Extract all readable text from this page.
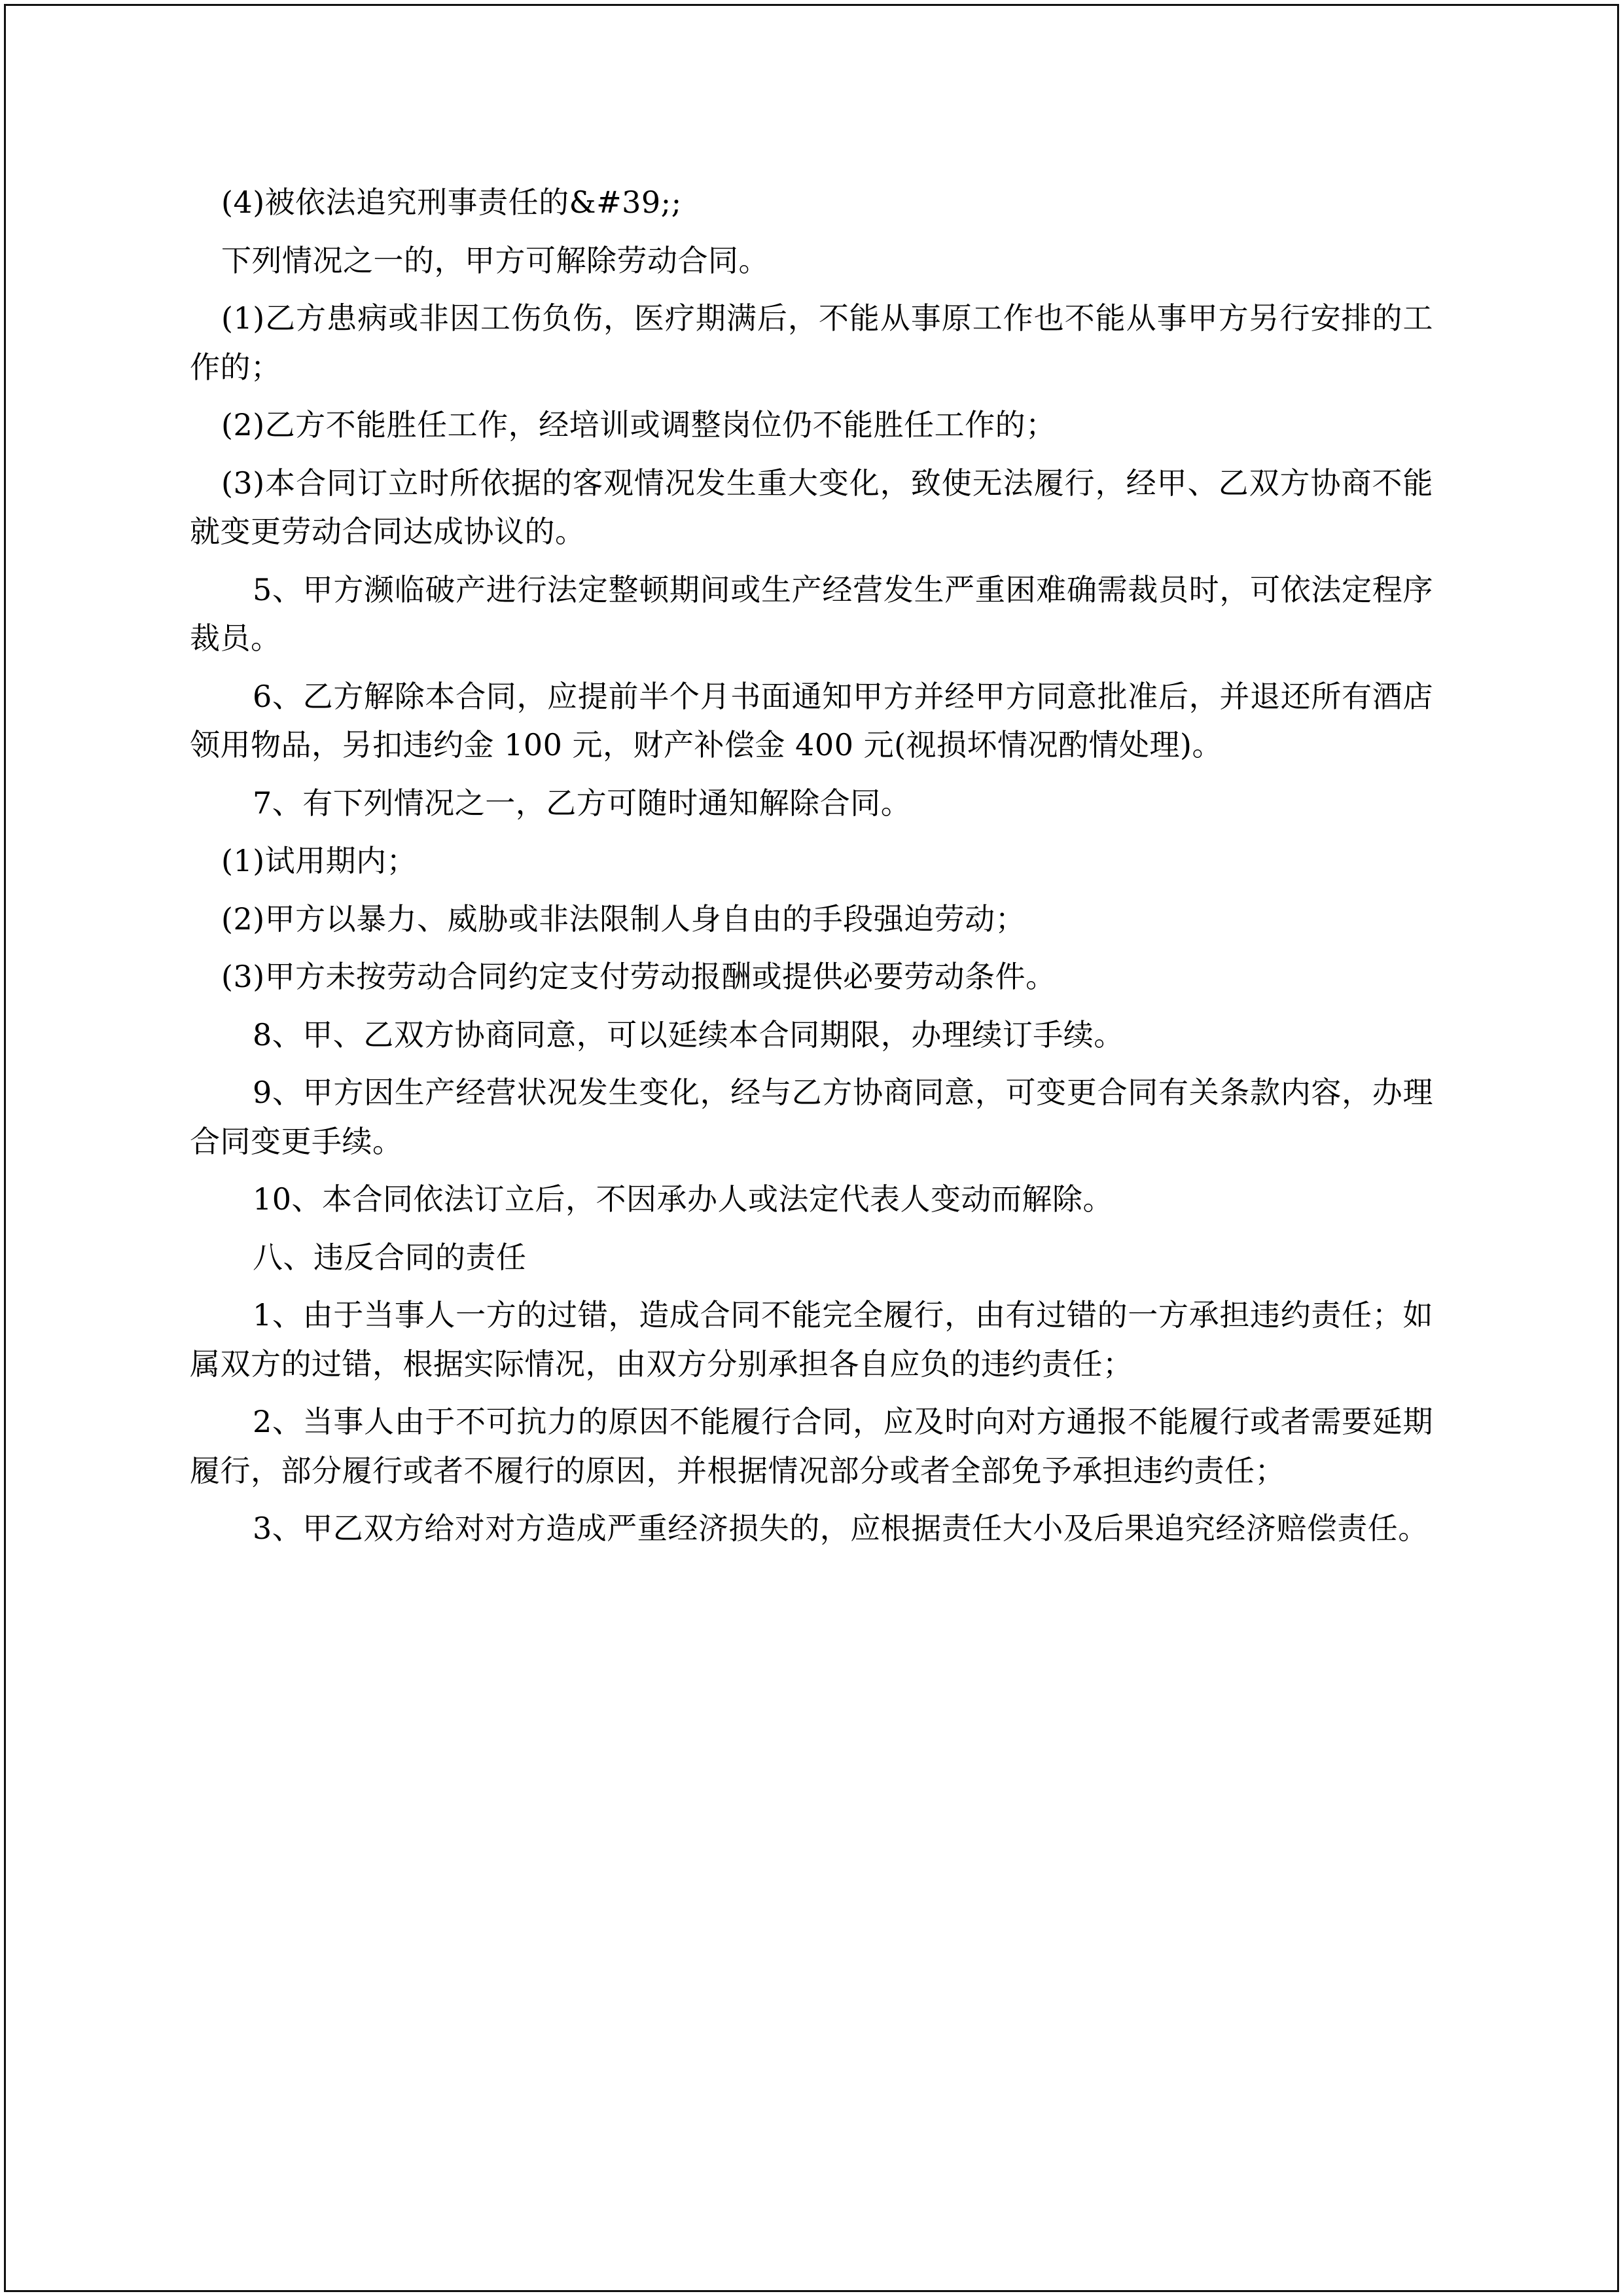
(4)被依法追究刑事责任的&#39;;

下列情况之一的，甲方可解除劳动合同。

(1)乙方患病或非因工伤负伤，医疗期满后，不能从事原工作也不能从事甲方另行安排的工作的；

(2)乙方不能胜任工作，经培训或调整岗位仍不能胜任工作的；

(3)本合同订立时所依据的客观情况发生重大变化，致使无法履行，经甲、乙双方协商不能就变更劳动合同达成协议的。

5、甲方濒临破产进行法定整顿期间或生产经营发生严重困难确需裁员时，可依法定程序裁员。

6、乙方解除本合同，应提前半个月书面通知甲方并经甲方同意批准后，并退还所有酒店领用物品，另扣违约金 100 元，财产补偿金 400 元(视损坏情况酌情处理)。

7、有下列情况之一，乙方可随时通知解除合同。

(1)试用期内；

(2)甲方以暴力、威胁或非法限制人身自由的手段强迫劳动；

(3)甲方未按劳动合同约定支付劳动报酬或提供必要劳动条件。

8、甲、乙双方协商同意，可以延续本合同期限，办理续订手续。

9、甲方因生产经营状况发生变化，经与乙方协商同意，可变更合同有关条款内容，办理合同变更手续。

10、本合同依法订立后，不因承办人或法定代表人变动而解除。

八、违反合同的责任

1、由于当事人一方的过错，造成合同不能完全履行，由有过错的一方承担违约责任；如属双方的过错，根据实际情况，由双方分别承担各自应负的违约责任；

2、当事人由于不可抗力的原因不能履行合同，应及时向对方通报不能履行或者需要延期履行，部分履行或者不履行的原因，并根据情况部分或者全部免予承担违约责任；

3、甲乙双方给对对方造成严重经济损失的，应根据责任大小及后果追究经济赔偿责任。
